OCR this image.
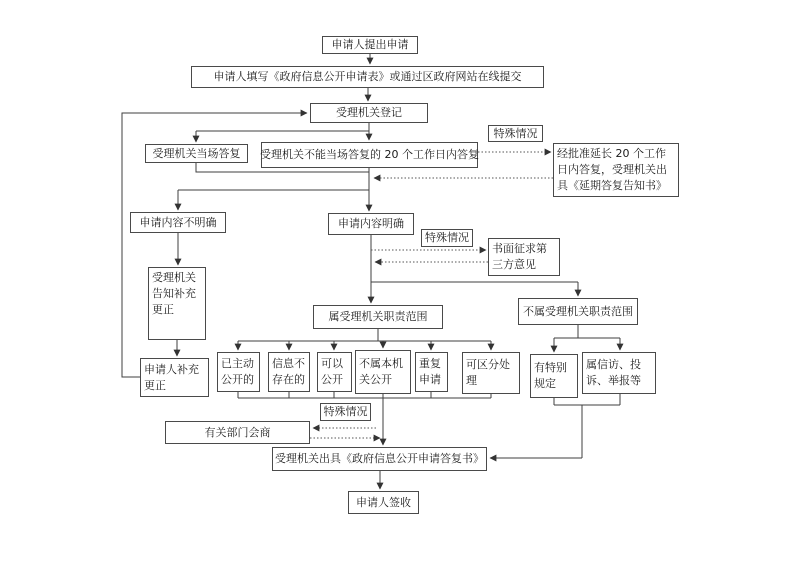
申请人提出申请
申请人填写《政府信息公开申请表》或通过区政府网站在线提交
受理机关登记
受理机关当场答复	受理机关不能当场答复的 20 个工作日内答复
特殊情况
经批准延长 20 个工作日内答复，受理机关出具《延期答复告知书》
申请内容不明确	申请内容明确
特殊情况
书面征求第三方意见
受理机关告知补充更正
申请人补充更正
属受理机关职责范围	不属受理机关职责范围
已主动公开的
信息不存在的
可以公开
不属本机关公开
重复申请
可区分处理
有特别规定
属信访、投诉、举报等
特殊情况
有关部门会商
受理机关出具《政府信息公开申请答复书》
申请人签收
